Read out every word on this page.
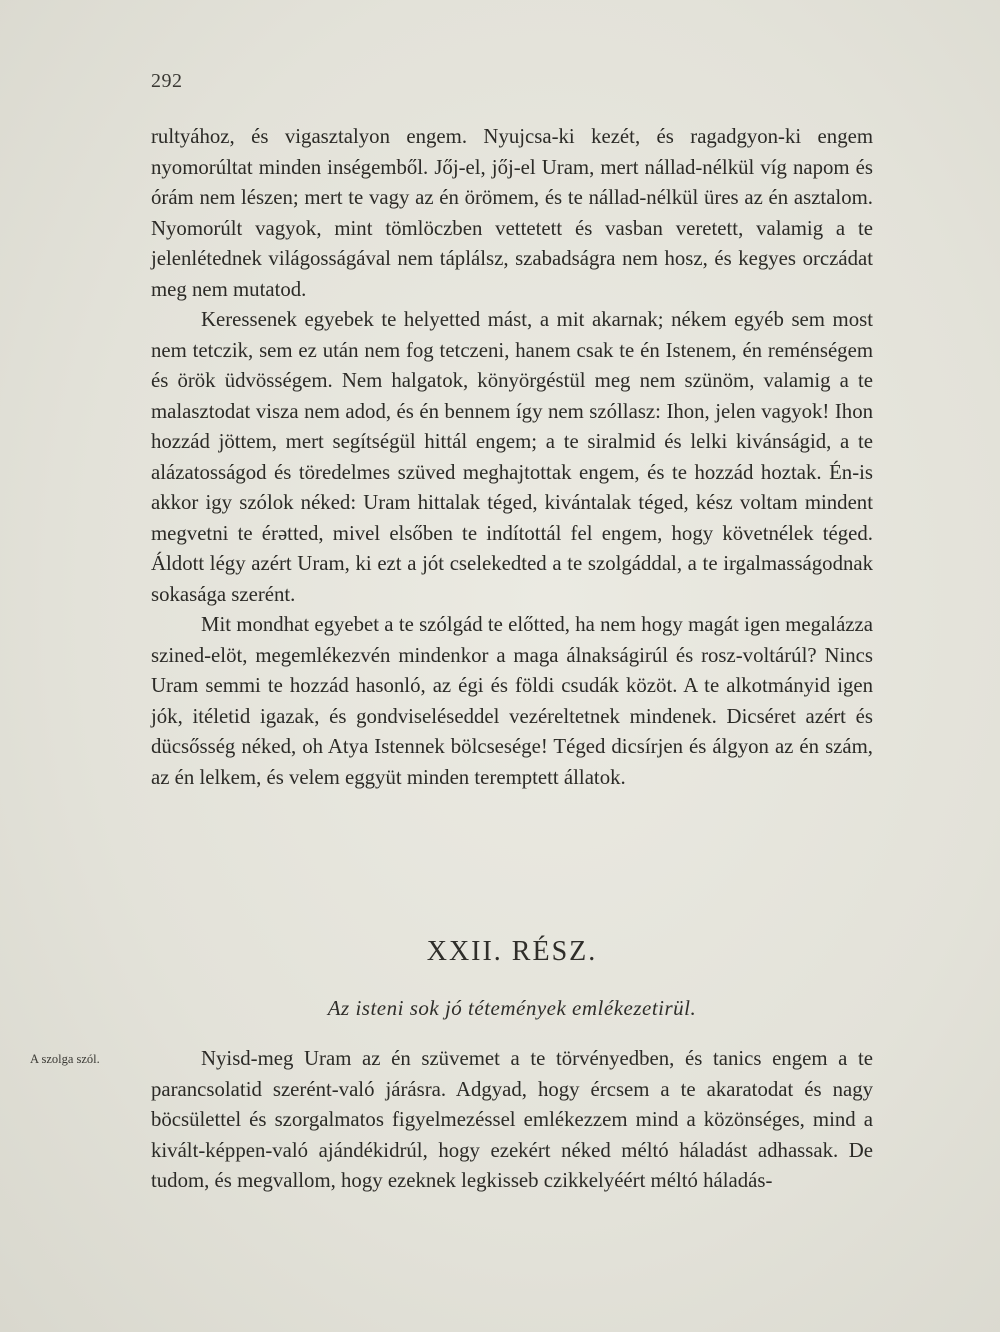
292

rultyához, és vigasztalyon engem. Nyujcsa-ki kezét, és ragadgyon-ki engem nyomorúltat minden inségemből. Jőj-el, jőj-el Uram, mert nállad-nélkül víg napom és órám nem lészen; mert te vagy az én örömem, és te nállad-nélkül üres az én asztalom. Nyomorúlt vagyok, mint tömlöczben vettetett és vasban veretett, valamig a te jelenlétednek világosságával nem táplálsz, szabadságra nem hosz, és kegyes orczádat meg nem mutatod.

Keressenek egyebek te helyetted mást, a mit akarnak; nékem egyéb sem most nem tetczik, sem ez után nem fog tetczeni, hanem csak te én Istenem, én reménségem és örök üdvösségem. Nem halgatok, könyörgéstül meg nem szünöm, valamig a te malasztodat visza nem adod, és én bennem így nem szóllasz: Ihon, jelen vagyok! Ihon hozzád jöttem, mert segítségül hittál engem; a te siralmid és lelki kivánságid, a te alázatosságod és töredelmes szüved meghajtottak engem, és te hozzád hoztak. Én-is akkor igy szólok néked: Uram hittalak téged, kivántalak téged, kész voltam mindent megvetni te érətted, mivel elsőben te indítottál fel engem, hogy követnélek téged. Áldott légy azért Uram, ki ezt a jót cselekedted a te szolgáddal, a te irgalmasságodnak sokasága szerént.

Mit mondhat egyebet a te szólgád te előtted, ha nem hogy magát igen megalázza szined-elöt, megemlékezvén mindenkor a maga álnakságirúl és rosz-voltárúl? Nincs Uram semmi te hozzád hasonló, az égi és földi csudák közöt. A te alkotmányid igen jók, itéletid igazak, és gondviseléseddel vezéreltetnek mindenek. Dicséret azért és dücsősség néked, oh Atya Istennek bölcsesége! Téged dicsírjen és álgyon az én szám, az én lelkem, és velem eggyüt minden teremptett állatok.

XXII. RÉSZ.
Az isteni sok jó tétemények emlékezetirül.
A szolga szól.	Nyisd-meg Uram az én szüvemet a te törvényedben, és tanics engem a te parancsolatid szerént-való járásra. Adgyad, hogy ércsem a te akaratodat és nagy böcsülettel és szorgalmatos figyelmezéssel emlékezzem mind a közönséges, mind a kivált-képpen-való ajándékidrúl, hogy ezekért néked méltó háladást adhassak. De tudom, és megvallom, hogy ezeknek legkisseb czikkelyéért méltó háladás-
